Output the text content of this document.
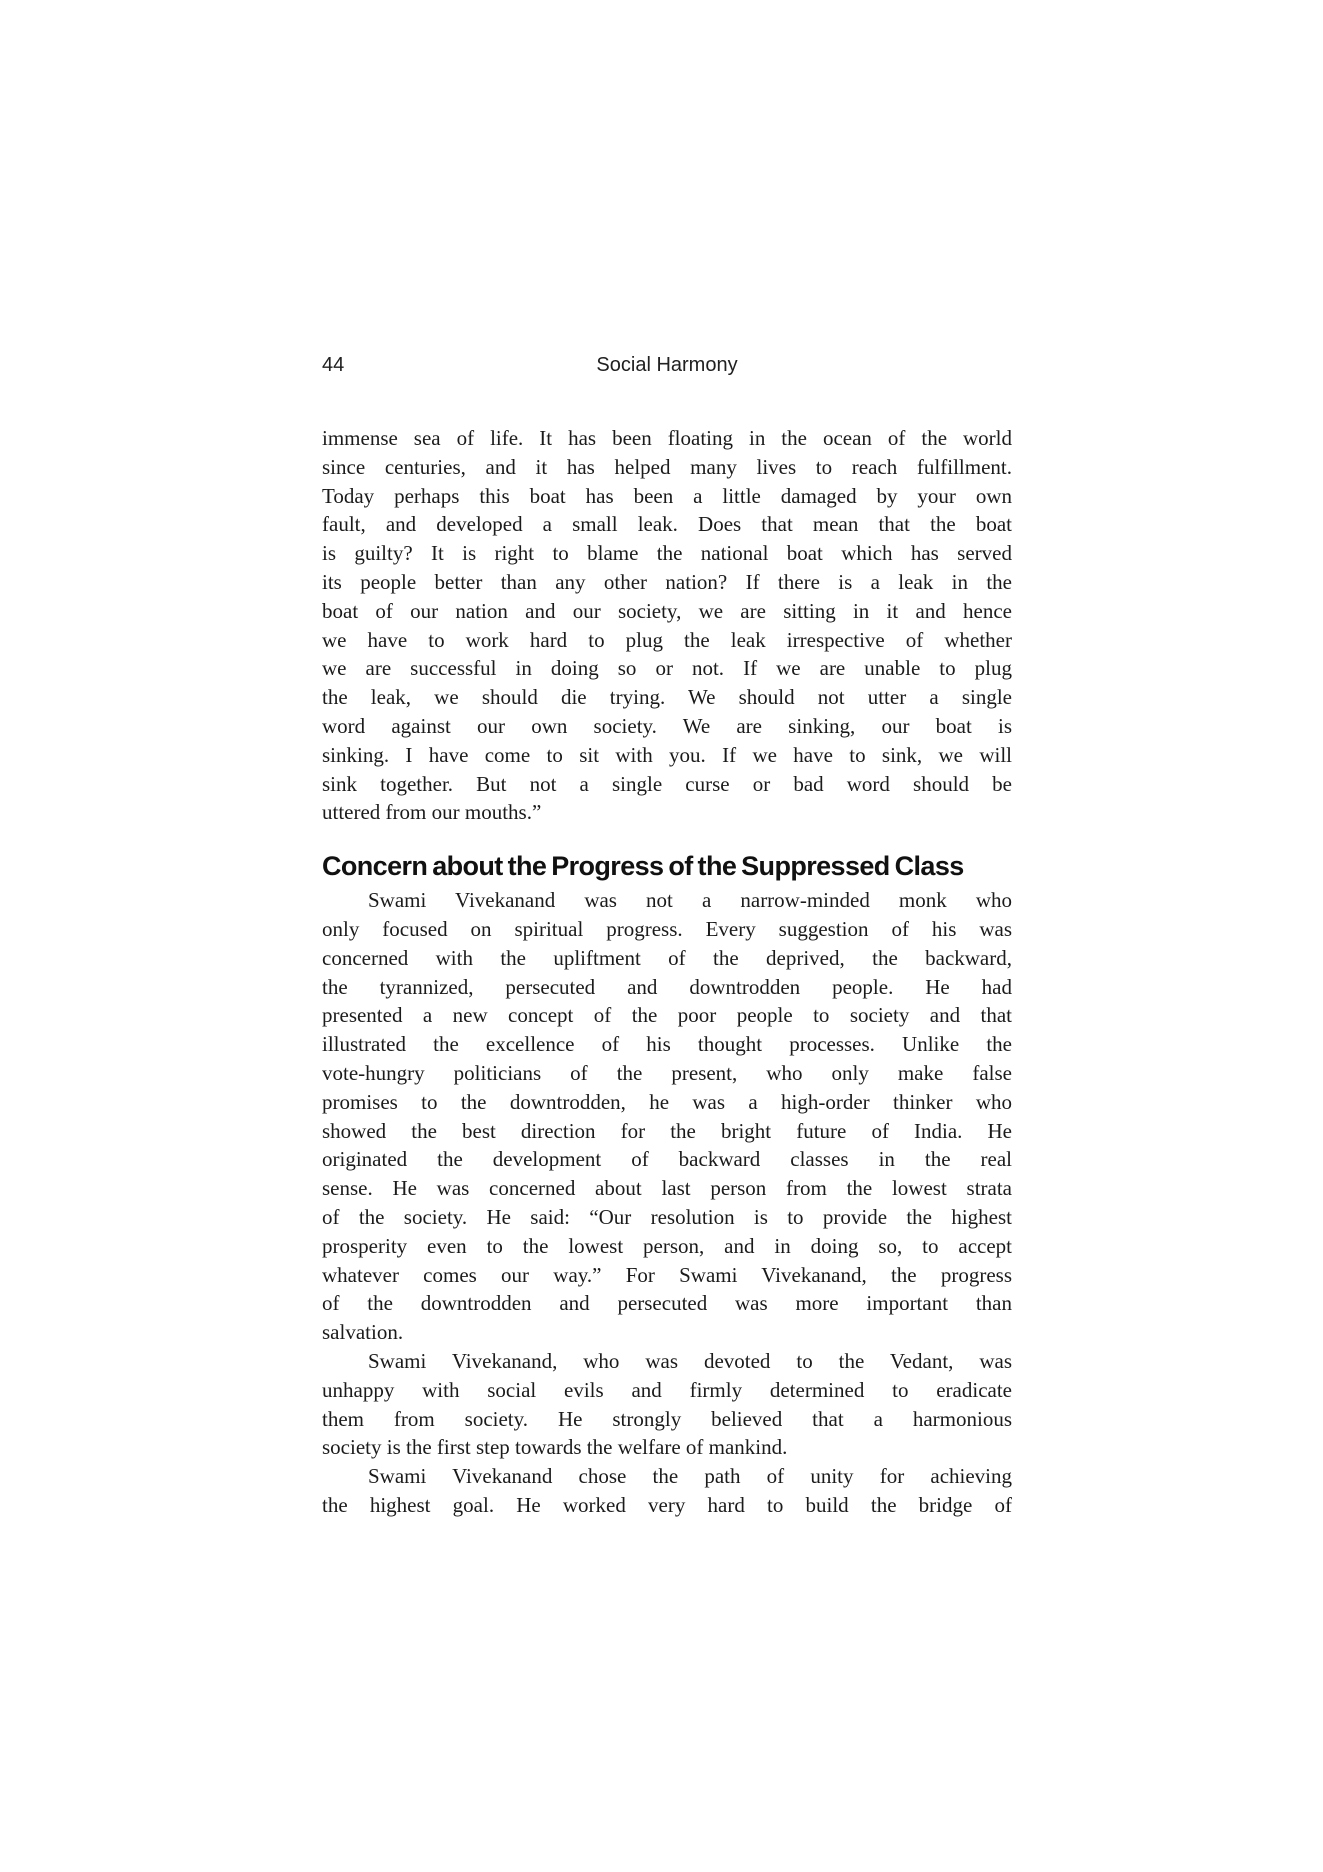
44	Social Harmony
immense sea of life. It has been floating in the ocean of the world
since centuries, and it has helped many lives to reach fulfillment.
Today perhaps this boat has been a little damaged by your own
fault, and developed a small leak. Does that mean that the boat
is guilty? It is right to blame the national boat which has served
its people better than any other nation? If there is a leak in the
boat of our nation and our society, we are sitting in it and hence
we have to work hard to plug the leak irrespective of whether
we are successful in doing so or not. If we are unable to plug
the leak, we should die trying. We should not utter a single
word against our own society. We are sinking, our boat is
sinking. I have come to sit with you. If we have to sink, we will
sink together. But not a single curse or bad word should be
uttered from our mouths.”
Concern about the Progress of the Suppressed Class
Swami Vivekanand was not a narrow-minded monk who
only focused on spiritual progress. Every suggestion of his was
concerned with the upliftment of the deprived, the backward,
the tyrannized, persecuted and downtrodden people. He had
presented a new concept of the poor people to society and that
illustrated the excellence of his thought processes. Unlike the
vote-hungry politicians of the present, who only make false
promises to the downtrodden, he was a high-order thinker who
showed the best direction for the bright future of India. He
originated the development of backward classes in the real
sense. He was concerned about last person from the lowest strata
of the society. He said: “Our resolution is to provide the highest
prosperity even to the lowest person, and in doing so, to accept
whatever comes our way.” For Swami Vivekanand, the progress
of the downtrodden and persecuted was more important than
salvation.
Swami Vivekanand, who was devoted to the Vedant, was
unhappy with social evils and firmly determined to eradicate
them from society. He strongly believed that a harmonious
society is the first step towards the welfare of mankind.
Swami Vivekanand chose the path of unity for achieving
the highest goal. He worked very hard to build the bridge of
